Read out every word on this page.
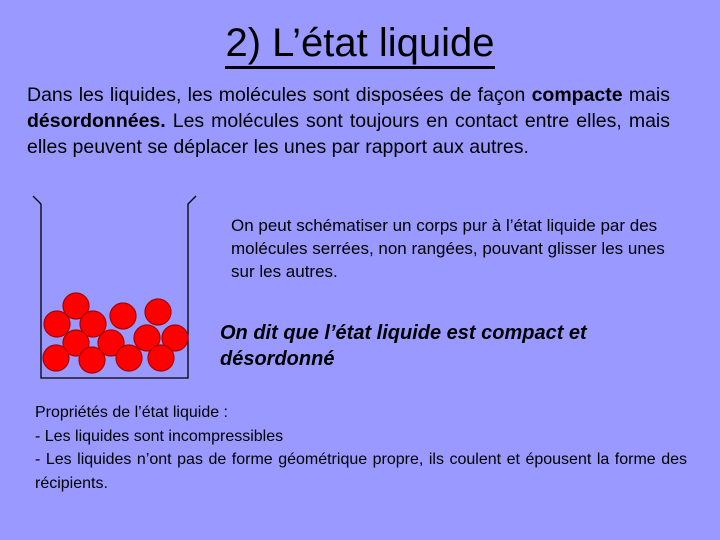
2) L’état liquide
Dans les liquides, les molécules sont disposées de façon compacte mais désordonnées. Les molécules sont toujours en contact entre elles, mais elles peuvent se déplacer les unes par rapport aux autres.
On peut schématiser un corps pur à l’état liquide par des molécules serrées, non rangées, pouvant glisser les unes sur les autres.
On dit que l’état liquide est compact et désordonné
Propriétés de l’état liquide :
- Les liquides sont incompressibles
- Les liquides n’ont pas de forme géométrique propre, ils coulent et épousent la forme des récipients.
